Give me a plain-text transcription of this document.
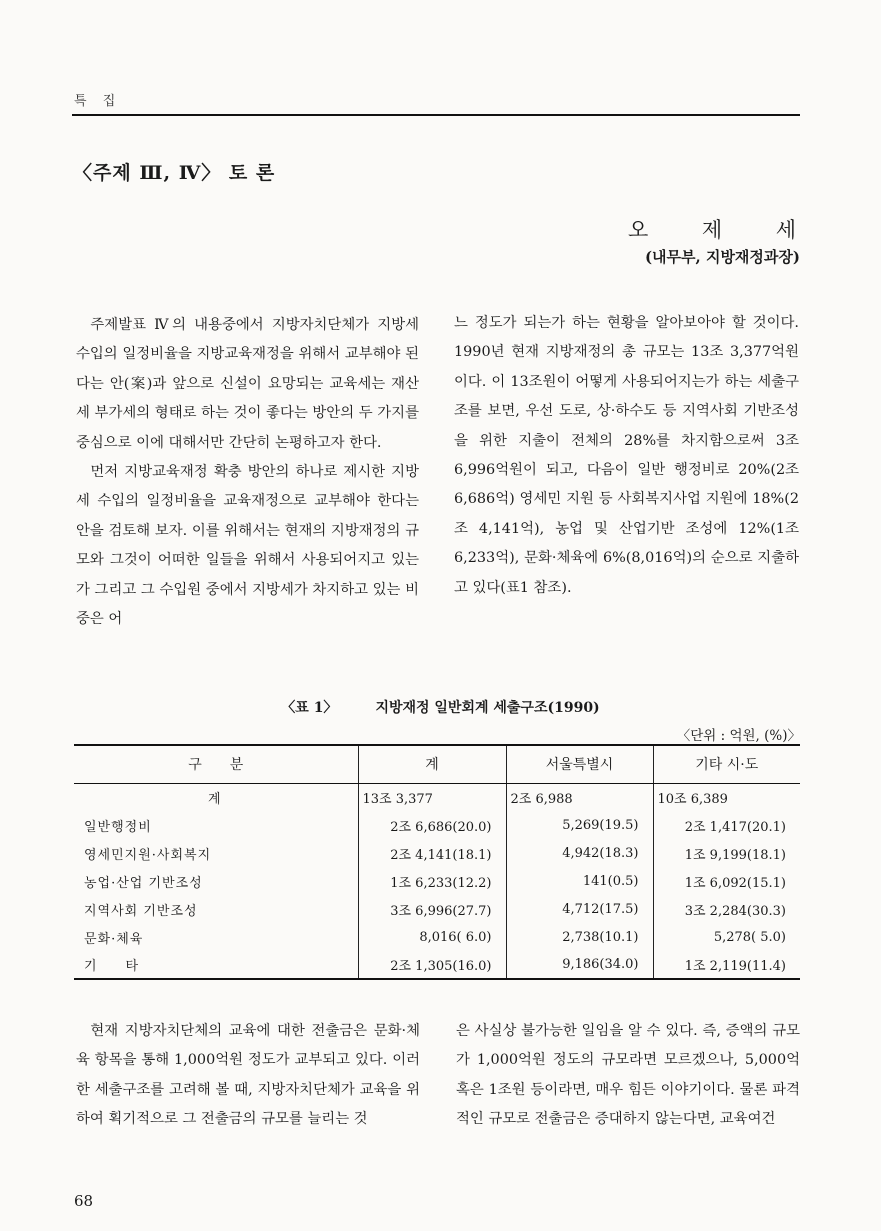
특 집
〈주제 Ⅲ, Ⅳ〉 토 론
오	제	세
(내무부, 지방재정과장)

주제발표 Ⅳ의 내용중에서 지방자치단체가 지방세 수입의 일정비율을 지방교육재정을 위해서 교부해야 된다는 안(案)과 앞으로 신설이 요망되는 교육세는 재산세 부가세의 형태로 하는 것이 좋다는 방안의 두 가지를 중심으로 이에 대해서만 간단히 논평하고자 한다.

먼저 지방교육재정 확충 방안의 하나로 제시한 지방세 수입의 일정비율을 교육재정으로 교부해야 한다는 안을 검토해 보자. 이를 위해서는 현재의 지방재정의 규모와 그것이 어떠한 일들을 위해서 사용되어지고 있는가 그리고 그 수입원 중에서 지방세가 차지하고 있는 비중은 어

느 정도가 되는가 하는 현황을 알아보아야 할 것이다. 1990년 현재 지방재정의 총 규모는 13조 3,377억원이다. 이 13조원이 어떻게 사용되어지는가 하는 세출구조를 보면, 우선 도로, 상·하수도 등 지역사회 기반조성을 위한 지출이 전체의 28%를 차지함으로써 3조 6,996억원이 되고, 다음이 일반 행정비로 20%(2조 6,686억) 영세민 지원 등 사회복지사업 지원에 18%(2조 4,141억), 농업 및 산업기반 조성에 12%(1조 6,233억), 문화·체육에 6%(8,016억)의 순으로 지출하고 있다(표1 참조).

〈표 1〉	지방재정 일반회계 세출구조(1990)
〈단위 : 억원, (%)〉
구　　분	계	서울특별시	기타 시·도
계	13조 3,377	2조 6,988	10조 6,389
일반행정비	2조 6,686(20.0)	5,269(19.5)	2조 1,417(20.1)
영세민지원·사회복지	2조 4,141(18.1)	4,942(18.3)	1조 9,199(18.1)
농업·산업 기반조성	1조 6,233(12.2)	141(0.5)	1조 6,092(15.1)
지역사회 기반조성	3조 6,996(27.7)	4,712(17.5)	3조 2,284(30.3)
문화·체육	8,016( 6.0)	2,738(10.1)	5,278( 5.0)
기　　타	2조 1,305(16.0)	9,186(34.0)	1조 2,119(11.4)

현재 지방자치단체의 교육에 대한 전출금은 문화·체육 항목을 통해 1,000억원 정도가 교부되고 있다. 이러한 세출구조를 고려해 볼 때, 지방자치단체가 교육을 위하여 획기적으로 그 전출금의 규모를 늘리는 것

은 사실상 불가능한 일임을 알 수 있다. 즉, 증액의 규모가 1,000억원 정도의 규모라면 모르겠으나, 5,000억 혹은 1조원 등이라면, 매우 힘든 이야기이다. 물론 파격적인 규모로 전출금은 증대하지 않는다면, 교육여건

68
